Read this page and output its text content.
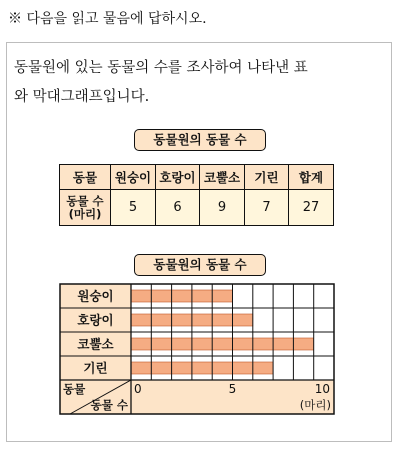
※ 다음을 읽고 물음에 답하시오.
동물원에 있는 동물의 수를 조사하여 나타낸 표
와 막대그래프입니다.
동물원의 동물 수
동물	원숭이	호랑이	코뿔소	기린	합계

동물 수
(마리)	5	6	9	7	27
동물원의 동물 수
원숭이
호랑이
코뿔소
기린
동물
동물 수
0	5	10
(마리)
